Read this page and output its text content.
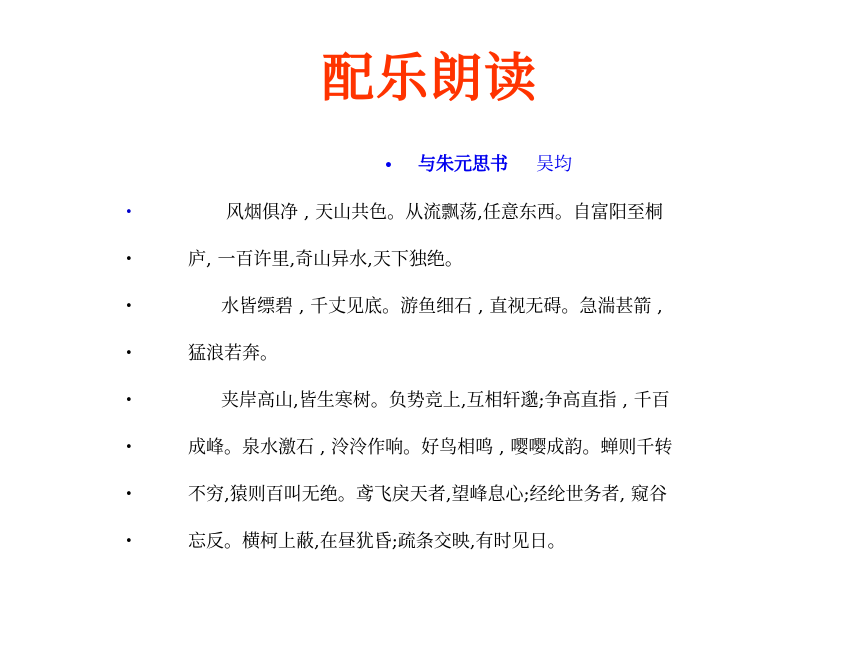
配乐朗读
• 与朱元思书 吴均
•	风烟俱净 , 天山共色。从流飘荡,任意东西。自富阳至桐
•	庐, 一百许里,奇山异水,天下独绝。
•	水皆缥碧 , 千丈见底。游鱼细石 , 直视无碍。急湍甚箭 ,
•	猛浪若奔。
•	夹岸高山,皆生寒树。负势竞上,互相轩邈;争高直指 , 千百
•	成峰。泉水激石 , 泠泠作响。好鸟相鸣 , 嘤嘤成韵。蝉则千转
•	不穷,猿则百叫无绝。鸢飞戾天者,望峰息心;经纶世务者, 窥谷
•	忘反。横柯上蔽,在昼犹昏;疏条交映,有时见日。
